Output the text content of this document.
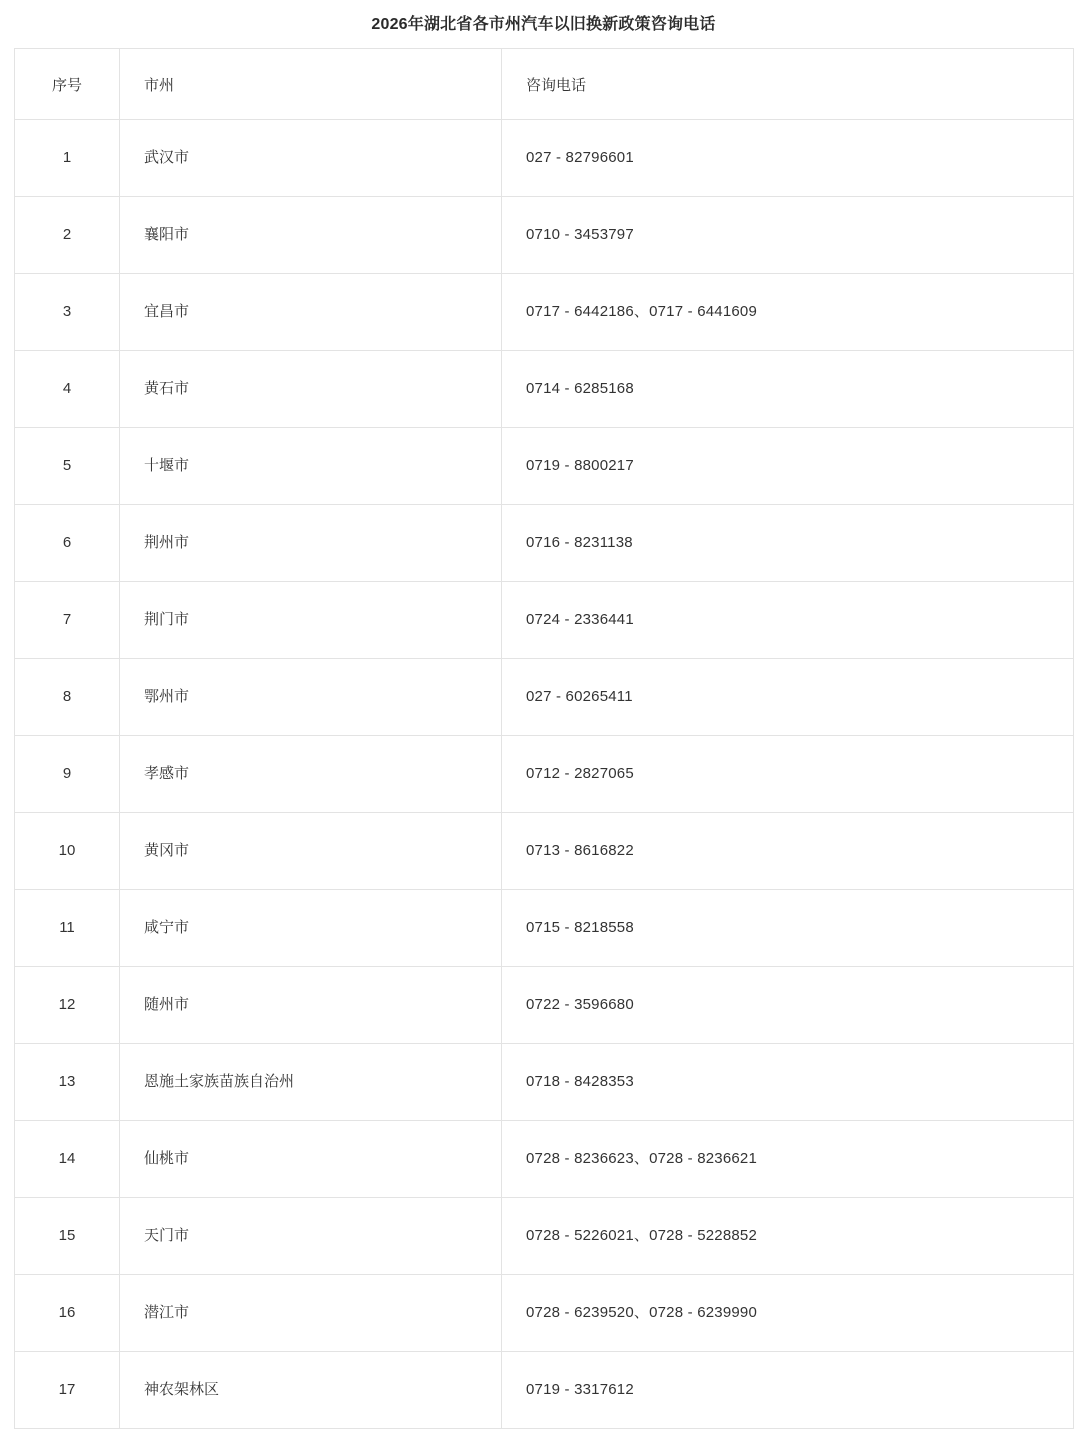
2026年湖北省各市州汽车以旧换新政策咨询电话
序号	市州	咨询电话
1	武汉市	027 - 82796601
2	襄阳市	0710 - 3453797
3	宜昌市	0717 - 6442186、0717 - 6441609
4	黄石市	0714 - 6285168
5	十堰市	0719 - 8800217
6	荆州市	0716 - 8231138
7	荆门市	0724 - 2336441
8	鄂州市	027 - 60265411
9	孝感市	0712 - 2827065
10	黄冈市	0713 - 8616822
11	咸宁市	0715 - 8218558
12	随州市	0722 - 3596680
13	恩施土家族苗族自治州	0718 - 8428353
14	仙桃市	0728 - 8236623、0728 - 8236621
15	天门市	0728 - 5226021、0728 - 5228852
16	潜江市	0728 - 6239520、0728 - 6239990
17	神农架林区	0719 - 3317612
